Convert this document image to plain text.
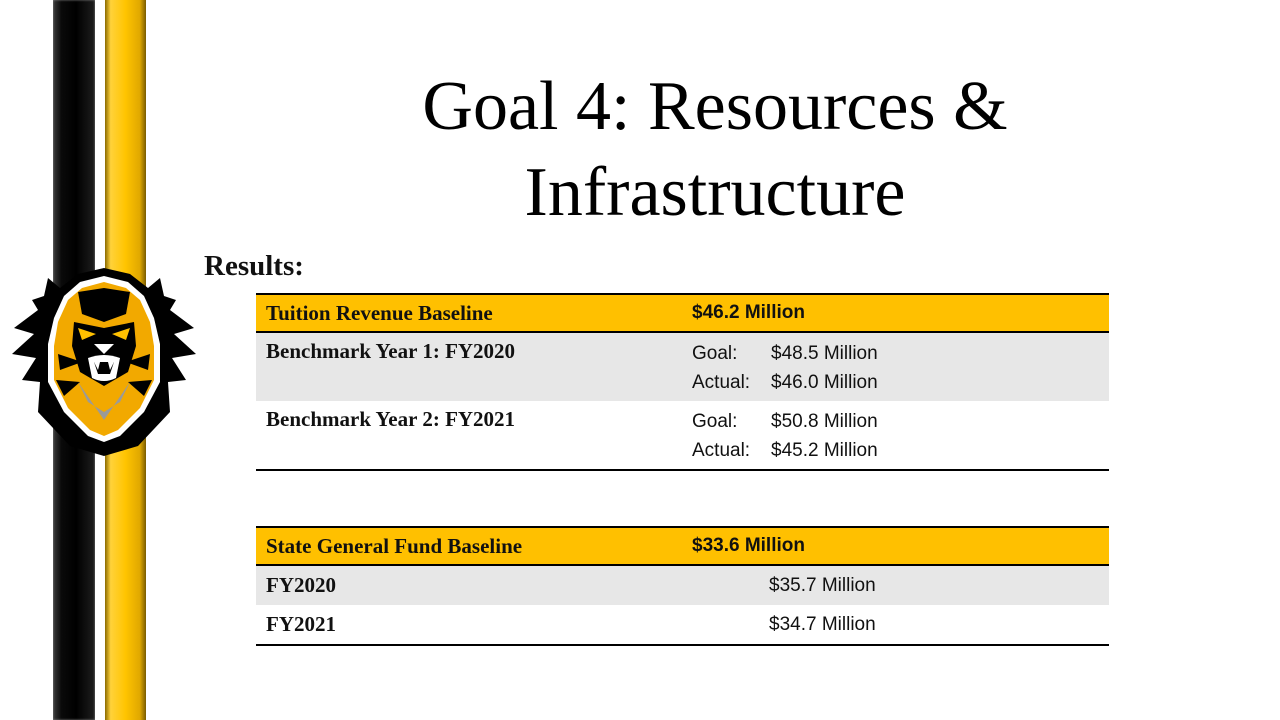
Goal 4: Resources &
Infrastructure
Results:
Tuition Revenue Baseline	$46.2 Million
Benchmark Year 1: FY2020	Goal: $48.5 Million
Actual: $46.0 Million

Benchmark Year 2: FY2021	Goal: $50.8 Million
Actual: $45.2 Million
State General Fund Baseline	$33.6 Million
FY2020	$35.7 Million
FY2021	$34.7 Million
